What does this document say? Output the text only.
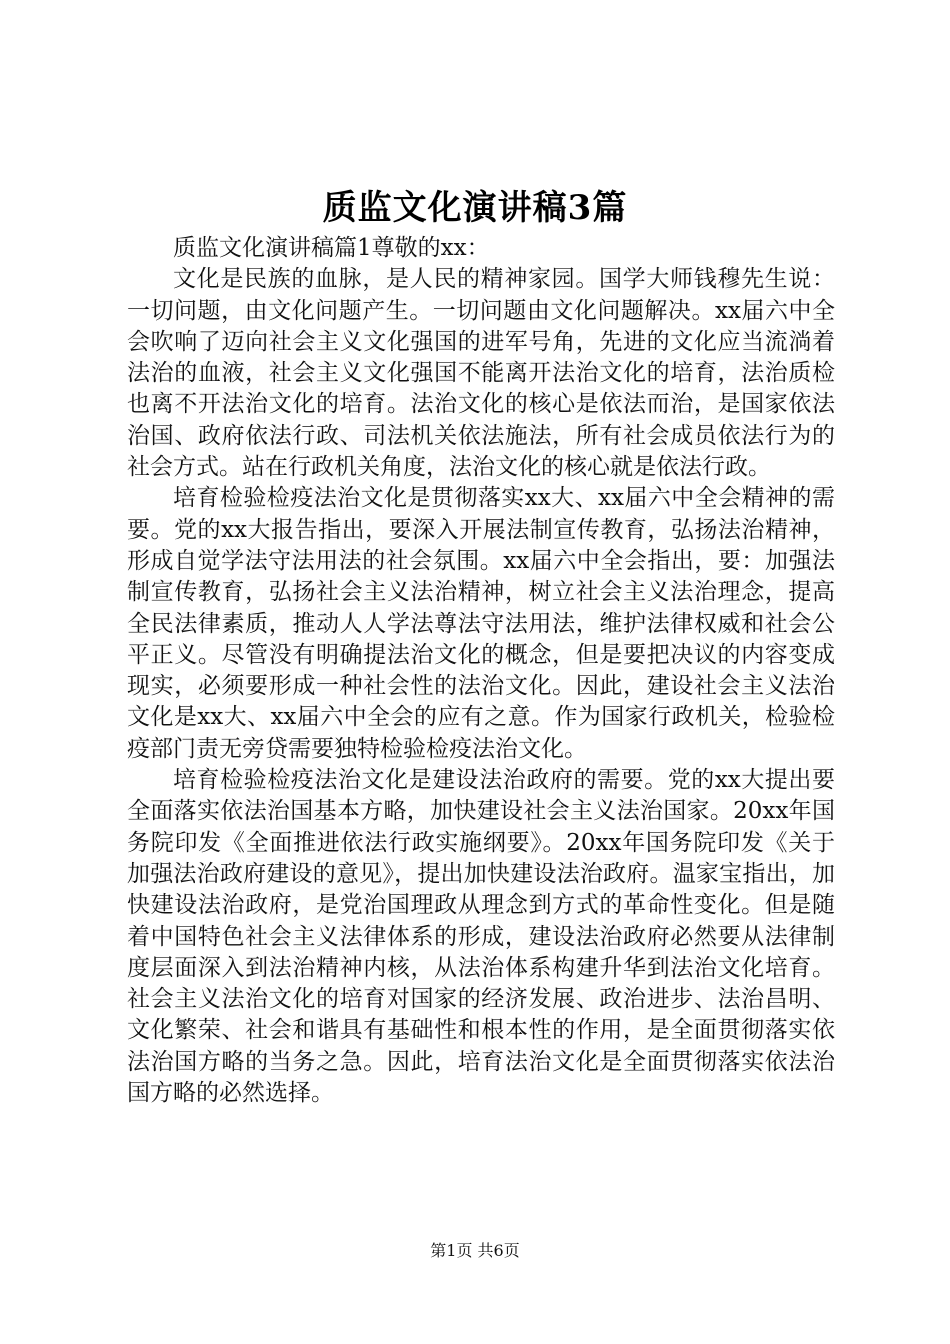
质监文化演讲稿3篇

质监文化演讲稿篇1尊敬的xx：

文化是民族的血脉，是人民的精神家园。国学大师钱穆先生说：一切问题，由文化问题产生。一切问题由文化问题解决。xx届六中全会吹响了迈向社会主义文化强国的进军号角，先进的文化应当流淌着法治的血液，社会主义文化强国不能离开法治文化的培育，法治质检也离不开法治文化的培育。法治文化的核心是依法而治，是国家依法治国、政府依法行政、司法机关依法施法，所有社会成员依法行为的社会方式。站在行政机关角度，法治文化的核心就是依法行政。

培育检验检疫法治文化是贯彻落实xx大、xx届六中全会精神的需要。党的xx大报告指出，要深入开展法制宣传教育，弘扬法治精神，形成自觉学法守法用法的社会氛围。xx届六中全会指出，要：加强法制宣传教育，弘扬社会主义法治精神，树立社会主义法治理念，提高全民法律素质，推动人人学法尊法守法用法，维护法律权威和社会公平正义。尽管没有明确提法治文化的概念，但是要把决议的内容变成现实，必须要形成一种社会性的法治文化。因此，建设社会主义法治文化是xx大、xx届六中全会的应有之意。作为国家行政机关，检验检疫部门责无旁贷需要独特检验检疫法治文化。

培育检验检疫法治文化是建设法治政府的需要。党的xx大提出要全面落实依法治国基本方略，加快建设社会主义法治国家。20xx年国务院印发《全面推进依法行政实施纲要》。20xx年国务院印发《关于加强法治政府建设的意见》，提出加快建设法治政府。温家宝指出，加快建设法治政府，是党治国理政从理念到方式的革命性变化。但是随着中国特色社会主义法律体系的形成，建设法治政府必然要从法律制度层面深入到法治精神内核，从法治体系构建升华到法治文化培育。社会主义法治文化的培育对国家的经济发展、政治进步、法治昌明、文化繁荣、社会和谐具有基础性和根本性的作用，是全面贯彻落实依法治国方略的当务之急。因此，培育法治文化是全面贯彻落实依法治国方略的必然选择。

第1页 共6页
